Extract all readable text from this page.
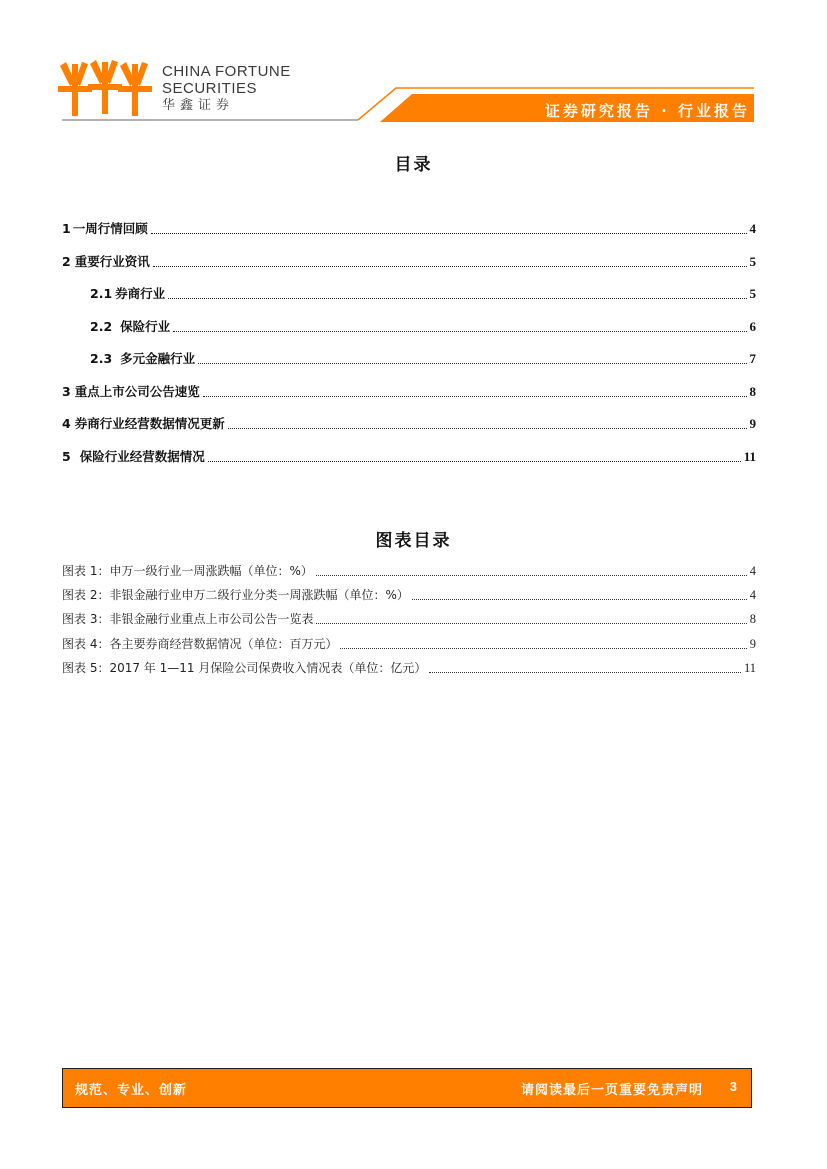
CHINA FORTUNE
SECURITIES
华鑫证券	证券研究报告 · 行业报告
目录
1 一周行情回顾	4
2 重要行业资讯	5
2.1 券商行业	5
2.2 保险行业	6
2.3 多元金融行业	7
3 重点上市公司公告速览	8
4 券商行业经营数据情况更新	9
5 保险行业经营数据情况	11
图表目录
图表 1：申万一级行业一周涨跌幅（单位：%）	4
图表 2：非银金融行业申万二级行业分类一周涨跌幅（单位：%）	4
图表 3：非银金融行业重点上市公司公告一览表	8
图表 4：各主要券商经营数据情况（单位：百万元）	9
图表 5：2017 年 1—11 月保险公司保费收入情况表（单位：亿元）	11
规范、专业、创新	请阅读最后一页重要免责声明 3
